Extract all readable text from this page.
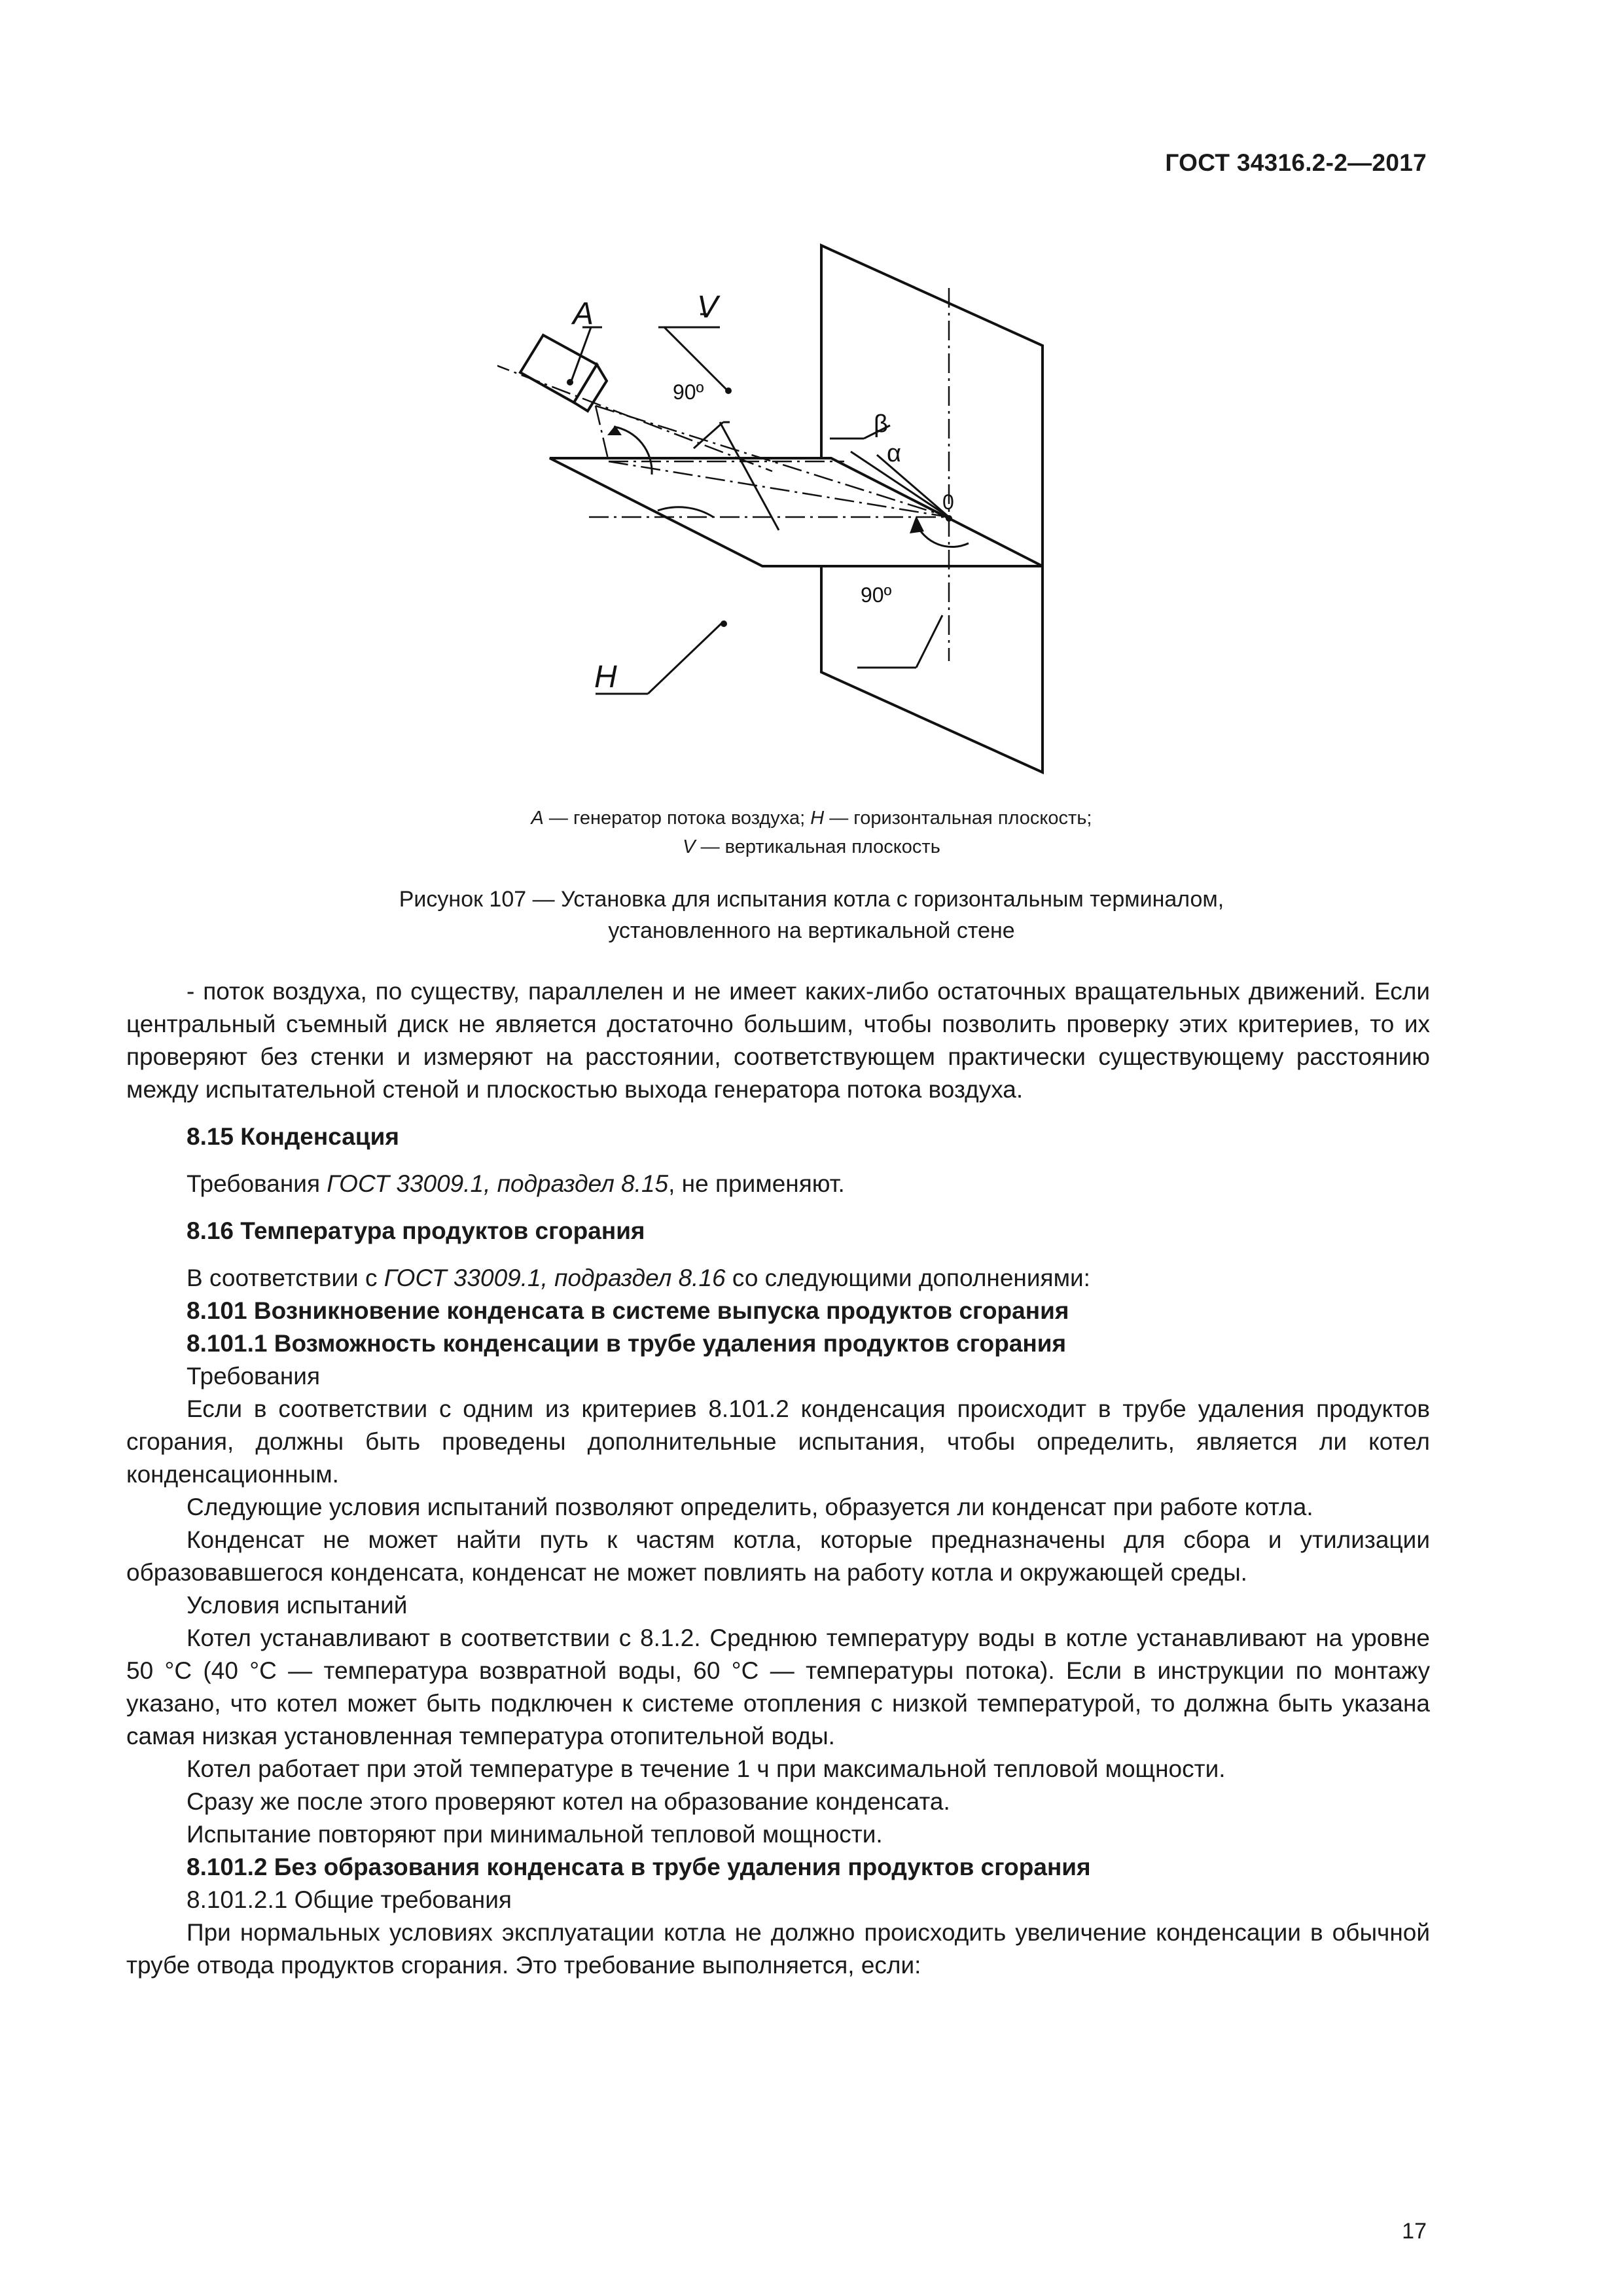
ГОСТ 34316.2-2—2017
A	V
H
90º
90º
β
α
0
A — генератор потока воздуха; H — горизонтальная плоскость;
V — вертикальная плоскость
Рисунок 107 — Установка для испытания котла с горизонтальным терминалом,
установленного на вертикальной стене

- поток воздуха, по существу, параллелен и не имеет каких-либо остаточных вращательных движений. Если центральный съемный диск не является достаточно большим, чтобы позволить проверку этих критериев, то их проверяют без стенки и измеряют на расстоянии, соответствующем практически существующему расстоянию между испытательной стеной и плоскостью выхода генератора потока воздуха.

8.15 Конденсация

Требования ГОСТ 33009.1, подраздел 8.15, не применяют.

8.16 Температура продуктов сгорания

В соответствии с ГОСТ 33009.1, подраздел 8.16 со следующими дополнениями:

8.101 Возникновение конденсата в системе выпуска продуктов сгорания

8.101.1 Возможность конденсации в трубе удаления продуктов сгорания

Требования

Если в соответствии с одним из критериев 8.101.2 конденсация происходит в трубе удаления продуктов сгорания, должны быть проведены дополнительные испытания, чтобы определить, является ли котел конденсационным.

Следующие условия испытаний позволяют определить, образуется ли конденсат при работе котла.

Конденсат не может найти путь к частям котла, которые предназначены для сбора и утилизации образовавшегося конденсата, конденсат не может повлиять на работу котла и окружающей среды.

Условия испытаний

Котел устанавливают в соответствии с 8.1.2. Среднюю температуру воды в котле устанавливают на уровне 50 °C (40 °C — температура возвратной воды, 60 °C — температуры потока). Если в инструкции по монтажу указано, что котел может быть подключен к системе отопления с низкой температурой, то должна быть указана самая низкая установленная температура отопительной воды.

Котел работает при этой температуре в течение 1 ч при максимальной тепловой мощности.

Сразу же после этого проверяют котел на образование конденсата.

Испытание повторяют при минимальной тепловой мощности.

8.101.2 Без образования конденсата в трубе удаления продуктов сгорания

8.101.2.1 Общие требования

При нормальных условиях эксплуатации котла не должно происходить увеличение конденсации в обычной трубе отвода продуктов сгорания. Это требование выполняется, если:

17
